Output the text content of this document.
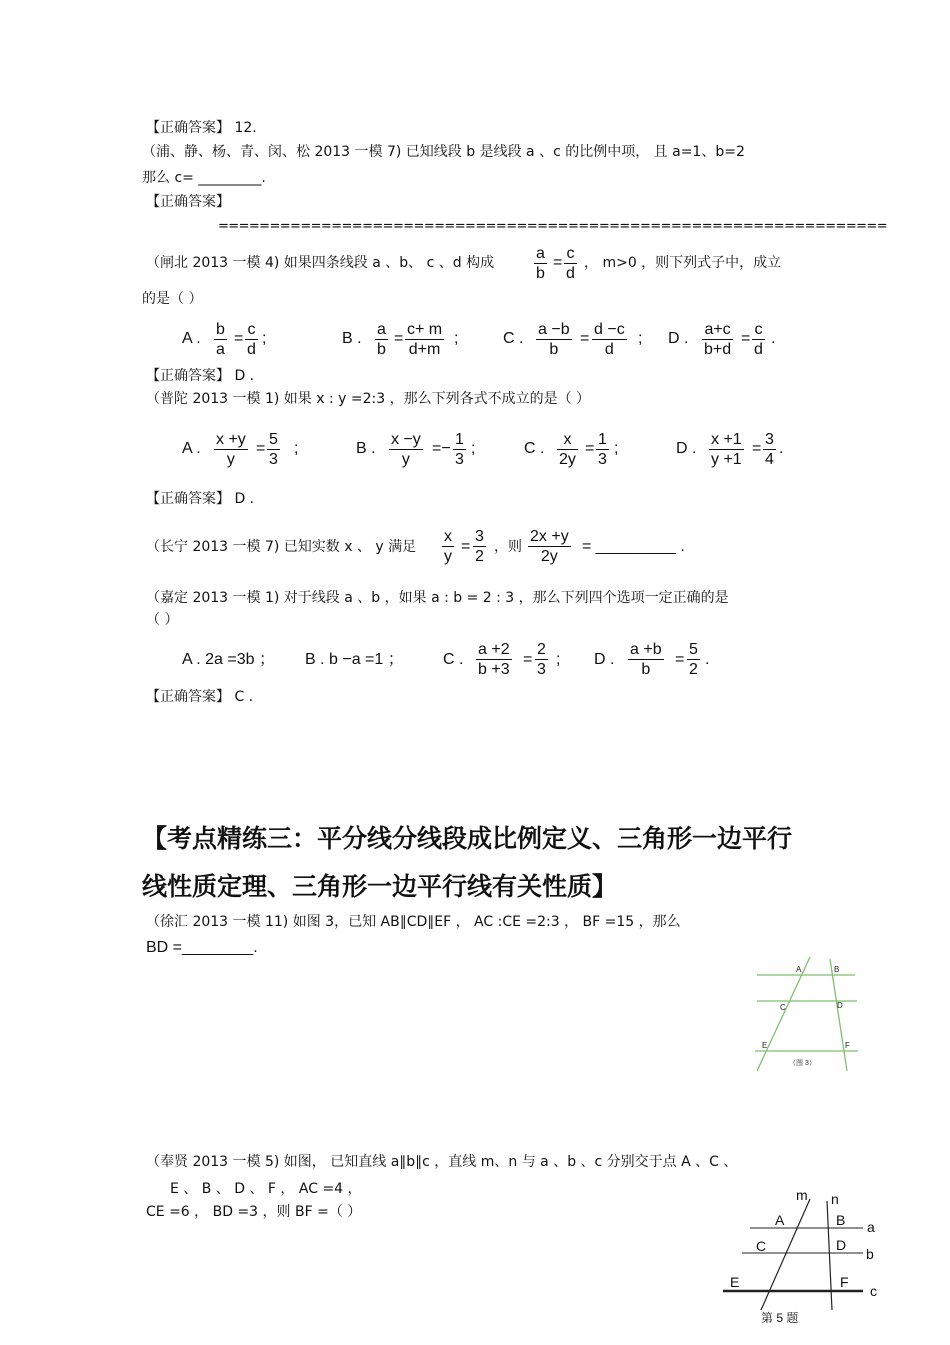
【正确答案】 12.
（浦、静、杨、青、闵、松 2013 一模 7) 已知线段 b 是线段 a 、c 的比例中项， 且 a=1、b=2
那么 c= _________.
【正确答案】
=================================================================
（闸北 2013 一模 4) 如果四条线段 a 、b、 c 、d 构成 $\frac{a}{b} = \frac{c}{d}$ ， m>0 ，则下列式子中，成立
的是（ ）
A . $\frac{b}{a} = \frac{c}{d}$ ;	B . $\frac{a}{b} = \frac{c+ m}{d+m}$ ;	C . $\frac{a -b}{b} = \frac{d -c}{d}$ ; D . $\frac{a+c}{b+d} = \frac{c}{d}$ .
【正确答案】 D .
（普陀 2013 一模 1) 如果 x : y =2:3 ，那么下列各式不成立的是（ ）
A . $\frac{x +y}{y} = \frac{5}{3}$ ;	B . $\frac{x -y}{y} =- \frac{1}{3}$ ;	C . $\frac{x}{2y} = \frac{1}{3}$ ;	D . $\frac{x +1}{y +1} = \frac{3}{4}$ .
【正确答案】 D .
（长宁 2013 一模 7) 已知实数 x 、 y 满足 $\frac{x}{y} = \frac{3}{2}$ ，则 $\frac{2x +y}{2y}$ = _________ .
（嘉定 2013 一模 1) 对于线段 a 、b ，如果 a : b = 2 : 3 ，那么下列四个选项一定正确的是
（ ）
A . 2a =3b ； B . b −a =1 ； C . $\frac{a +2}{b +3} = \frac{2}{3}$ ; D . $\frac{a +b}{b} = \frac{5}{2}$ .
【正确答案】 C .
【考点精练三：平分线分线段成比例定义、三角形一边平行
线性质定理、三角形一边平行线有关性质】
（徐汇 2013 一模 11) 如图 3，已知 AB∥CD∥EF ， AC :CE =2:3 ， BF =15 ，那么
BD =________.
A	B
C	D
E	F
（图 3）
（奉贤 2013 一模 5) 如图， 已知直线 a∥b∥c ，直线 m、n 与 a 、b 、c 分别交于点 A 、C 、
E 、 B 、 D 、 F ， AC =4 ，
CE =6 ， BD =3 ，则 BF =（ ）
m n
A	B
C	D
E	F
a
b
c
第 5 题
